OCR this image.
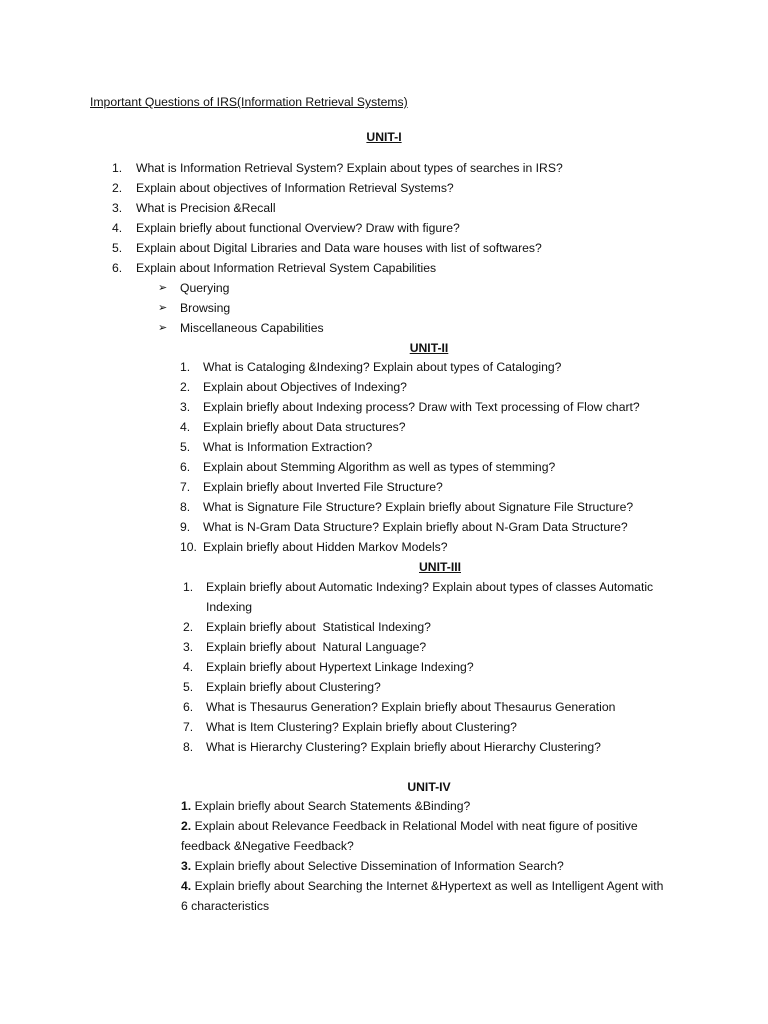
Important Questions of IRS(Information Retrieval Systems)
UNIT-I
1. What is Information Retrieval System? Explain about types of searches in IRS?
2. Explain about objectives of Information Retrieval Systems?
3. What is Precision &Recall
4. Explain briefly about functional Overview? Draw with figure?
5. Explain about Digital Libraries and Data ware houses with list of softwares?
6. Explain about Information Retrieval System Capabilities
➢ Querying
➢ Browsing
➢ Miscellaneous Capabilities
UNIT-II
1. What is Cataloging &Indexing? Explain about types of Cataloging?
2. Explain about Objectives of Indexing?
3. Explain briefly about Indexing process? Draw with Text processing of Flow chart?
4. Explain briefly about Data structures?
5. What is Information Extraction?
6. Explain about Stemming Algorithm as well as types of stemming?
7. Explain briefly about Inverted File Structure?
8. What is Signature File Structure? Explain briefly about Signature File Structure?
9. What is N-Gram Data Structure? Explain briefly about N-Gram Data Structure?
10. Explain briefly about Hidden Markov Models?
UNIT-III
1. Explain briefly about Automatic Indexing? Explain about types of classes Automatic Indexing
2. Explain briefly about  Statistical Indexing?
3. Explain briefly about  Natural Language?
4. Explain briefly about Hypertext Linkage Indexing?
5. Explain briefly about Clustering?
6. What is Thesaurus Generation? Explain briefly about Thesaurus Generation
7. What is Item Clustering? Explain briefly about Clustering?
8. What is Hierarchy Clustering? Explain briefly about Hierarchy Clustering?
UNIT-IV
1. Explain briefly about Search Statements &Binding?
2. Explain about Relevance Feedback in Relational Model with neat figure of positive feedback &Negative Feedback?
3. Explain briefly about Selective Dissemination of Information Search?
4. Explain briefly about Searching the Internet &Hypertext as well as Intelligent Agent with 6 characteristics
